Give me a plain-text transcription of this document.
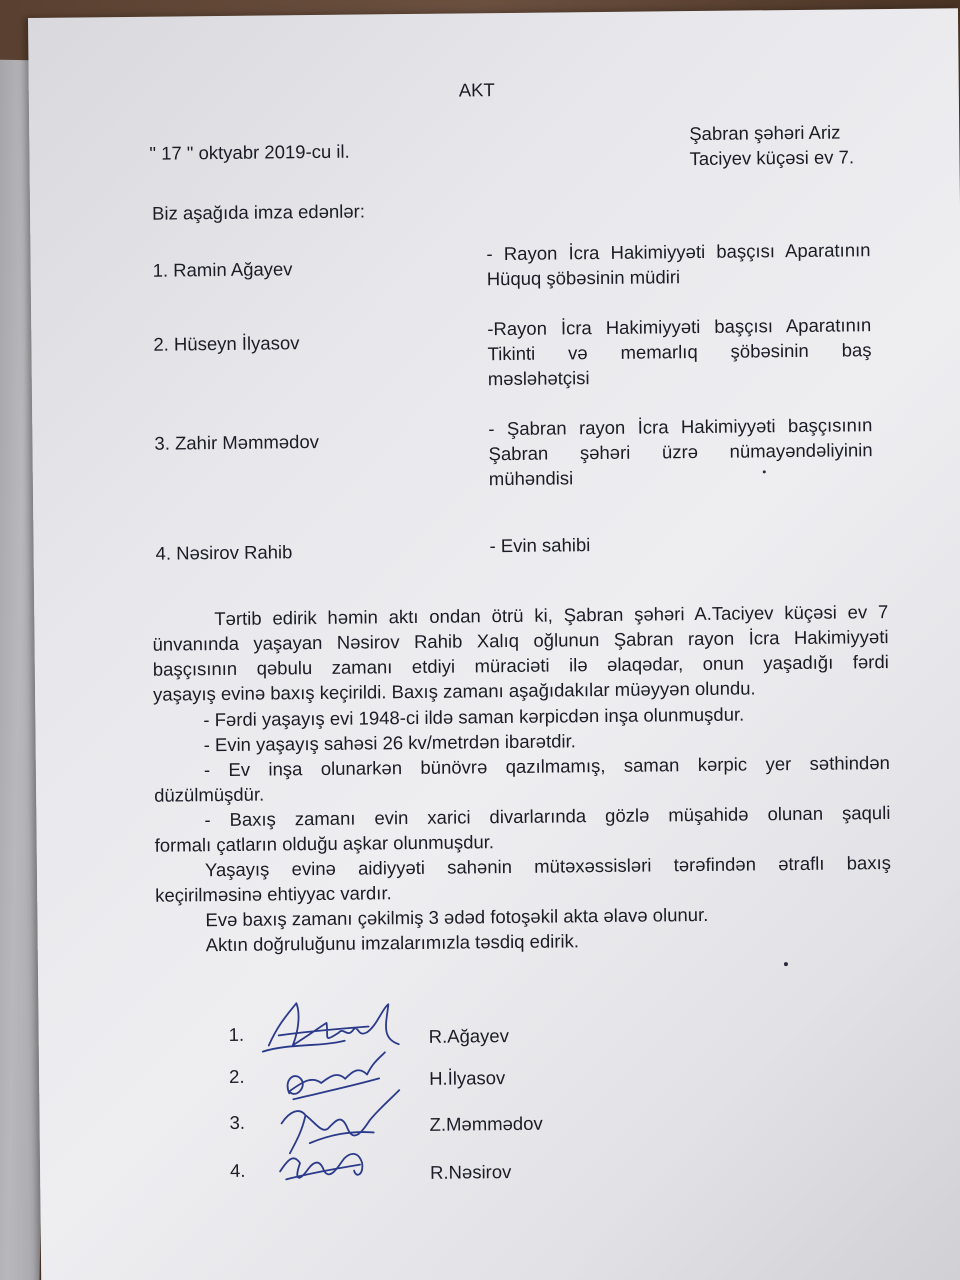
AKT
" 17 " oktyabr 2019-cu il.
Şabran şəhəri Ariz
Taciyev küçəsi ev 7.
Biz aşağıda imza edənlər:
1. Ramin Ağayev
- Rayon İcra Hakimiyyəti başçısı Aparatının
Hüquq şöbəsinin müdiri
2. Hüseyn İlyasov
-Rayon İcra Hakimiyyəti başçısı Aparatının
Tikinti və memarlıq şöbəsinin baş
məsləhətçisi
3. Zahir Məmmədov
- Şabran rayon İcra Hakimiyyəti başçısının
Şabran şəhəri üzrə nümayəndəliyinin
mühəndisi
4. Nəsirov Rahib	- Evin sahibi
Tərtib edirik həmin aktı ondan ötrü ki, Şabran şəhəri A.Taciyev küçəsi ev 7
ünvanında yaşayan Nəsirov Rahib Xalıq oğlunun Şabran rayon İcra Hakimiyyəti
başçısının qəbulu zamanı etdiyi müraciəti ilə əlaqədar, onun yaşadığı fərdi
yaşayış evinə baxış keçirildi. Baxış zamanı aşağıdakılar müəyyən olundu.
- Fərdi yaşayış evi 1948-ci ildə saman kərpicdən inşa olunmuşdur.
- Evin yaşayış sahəsi 26 kv/metrdən ibarətdir.
- Ev inşa olunarkən bünövrə qazılmamış, saman kərpic yer səthindən
düzülmüşdür.
- Baxış zamanı evin xarici divarlarında gözlə müşahidə olunan şaquli
formalı çatların olduğu aşkar olunmuşdur.
Yaşayış evinə aidiyyəti sahənin mütəxəssisləri tərəfindən ətraflı baxış
keçirilməsinə ehtiyyac vardır.
Evə baxış zamanı çəkilmiş 3 ədəd fotoşəkil akta əlavə olunur.
Aktın doğruluğunu imzalarımızla təsdiq edirik.
1.	R.Ağayev
2.	H.İlyasov
3.	Z.Məmmədov
4.	R.Nəsirov
